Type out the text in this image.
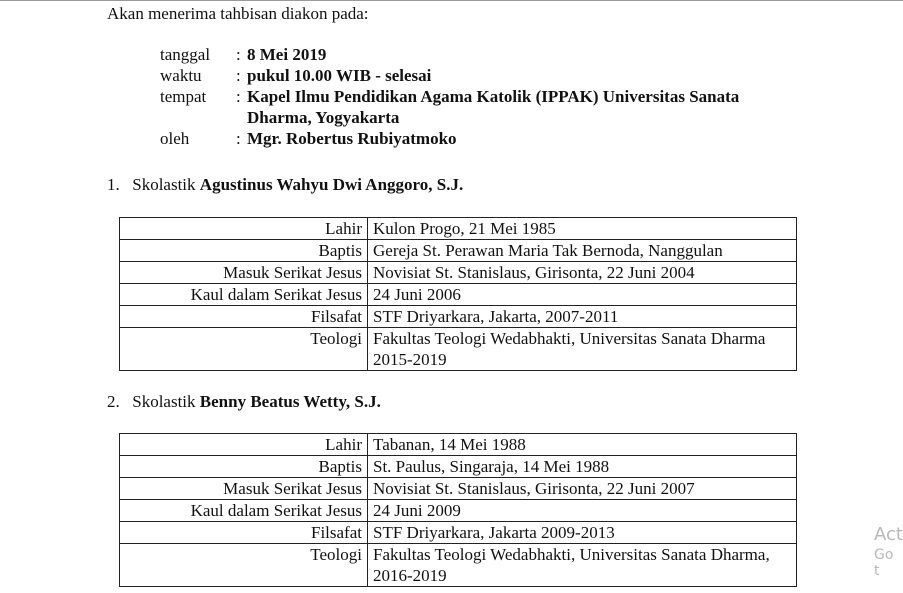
Akan menerima tahbisan diakon pada:
tanggal	: 8 Mei 2019
waktu	: pukul 10.00 WIB - selesai
tempat	: Kapel Ilmu Pendidikan Agama Katolik (IPPAK) Universitas Sanata Dharma, Yogyakarta
oleh	: Mgr. Robertus Rubiyatmoko
1. Skolastik Agustinus Wahyu Dwi Anggoro, S.J.
Lahir	Kulon Progo, 21 Mei 1985
Baptis	Gereja St. Perawan Maria Tak Bernoda, Nanggulan
Masuk Serikat Jesus	Novisiat St. Stanislaus, Girisonta, 22 Juni 2004
Kaul dalam Serikat Jesus	24 Juni 2006
Filsafat	STF Driyarkara, Jakarta, 2007-2011
Teologi	Fakultas Teologi Wedabhakti, Universitas Sanata Dharma 2015-2019
2. Skolastik Benny Beatus Wetty, S.J.
Lahir	Tabanan, 14 Mei 1988
Baptis	St. Paulus, Singaraja, 14 Mei 1988
Masuk Serikat Jesus	Novisiat St. Stanislaus, Girisonta, 22 Juni 2007
Kaul dalam Serikat Jesus	24 Juni 2009
Filsafat	STF Driyarkara, Jakarta 2009-2013
Teologi	Fakultas Teologi Wedabhakti, Universitas Sanata Dharma, 2016-2019
Act
Go t
